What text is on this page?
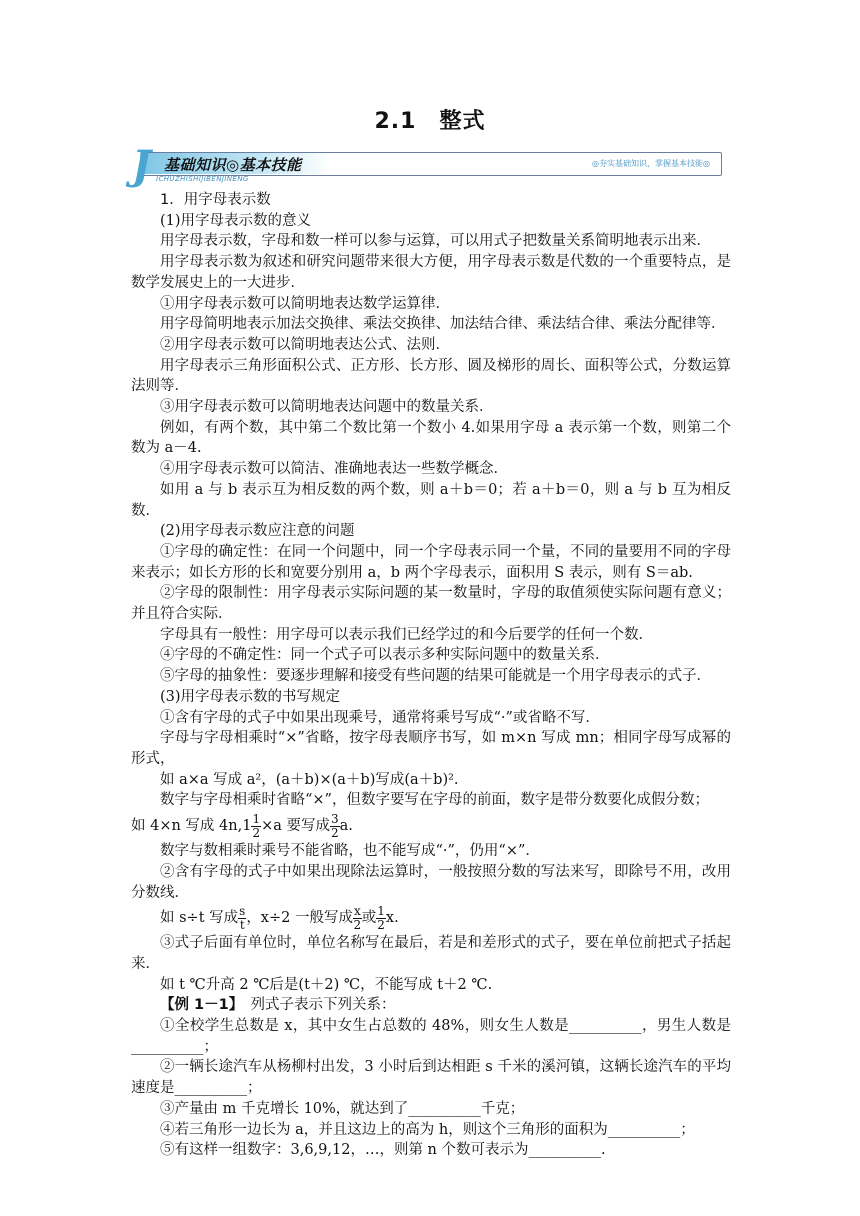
2.1　整式
J 基础知识◎基本技能
ICHUZHISHIJIBENJINENG
◎夯实基础知识，掌握基本技能◎

1．用字母表示数

(1)用字母表示数的意义

用字母表示数，字母和数一样可以参与运算，可以用式子把数量关系简明地表示出来．

用字母表示数为叙述和研究问题带来很大方便，用字母表示数是代数的一个重要特点，是数学发展史上的一大进步．

①用字母表示数可以简明地表达数学运算律．

用字母简明地表示加法交换律、乘法交换律、加法结合律、乘法结合律、乘法分配律等．

②用字母表示数可以简明地表达公式、法则．

用字母表示三角形面积公式、正方形、长方形、圆及梯形的周长、面积等公式，分数运算法则等．

③用字母表示数可以简明地表达问题中的数量关系．

例如，有两个数，其中第二个数比第一个数小 4.如果用字母 a 表示第一个数，则第二个数为 a－4.

④用字母表示数可以简洁、准确地表达一些数学概念．

如用 a 与 b 表示互为相反数的两个数，则 a＋b＝0；若 a＋b＝0，则 a 与 b 互为相反数．

(2)用字母表示数应注意的问题

①字母的确定性：在同一个问题中，同一个字母表示同一个量，不同的量要用不同的字母来表示；如长方形的长和宽要分别用 a，b 两个字母表示，面积用 S 表示，则有 S＝ab.

②字母的限制性：用字母表示实际问题的某一数量时，字母的取值须使实际问题有意义；并且符合实际．

字母具有一般性：用字母可以表示我们已经学过的和今后要学的任何一个数．

④字母的不确定性：同一个式子可以表示多种实际问题中的数量关系．

⑤字母的抽象性：要逐步理解和接受有些问题的结果可能就是一个用字母表示的式子．

(3)用字母表示数的书写规定

①含有字母的式子中如果出现乘号，通常将乘号写成“·”或省略不写．

字母与字母相乘时“×”省略，按字母表顺序书写，如 m×n 写成 mn；相同字母写成幂的形式，

如 a×a 写成 a²，(a＋b)×(a＋b)写成(a＋b)².

数字与字母相乘时省略“×”，但数字要写在字母的前面，数字是带分数要化成假分数；

如 4×n 写成 $4n,1 \frac{1}{2} \times a$ 要写成 $\frac{3}{2} a$.

数字与数相乘时乘号不能省略，也不能写成“·”，仍用“×”．

②含有字母的式子中如果出现除法运算时，一般按照分数的写法来写，即除号不用，改用分数线．

如 s÷t 写成 $\frac{s}{t}$ ，x÷2 一般写成 $\frac{x}{2}$ 或 $\frac{1}{2} x$.

③式子后面有单位时，单位名称写在最后，若是和差形式的式子，要在单位前把式子括起来．

如 t ℃升高 2 ℃后是(t＋2) ℃，不能写成 t＋2 ℃.

【例 1－1】　列式子表示下列关系：

①全校学生总数是 x，其中女生占总数的 48%，则女生人数是__________，男生人数是__________；

②一辆长途汽车从杨柳村出发，3 小时后到达相距 s 千米的溪河镇，这辆长途汽车的平均速度是__________；

③产量由 m 千克增长 10%，就达到了__________千克；

④若三角形一边长为 a，并且这边上的高为 h，则这个三角形的面积为__________；

⑤有这样一组数字：3,6,9,12，…，则第 n 个数可表示为__________.
